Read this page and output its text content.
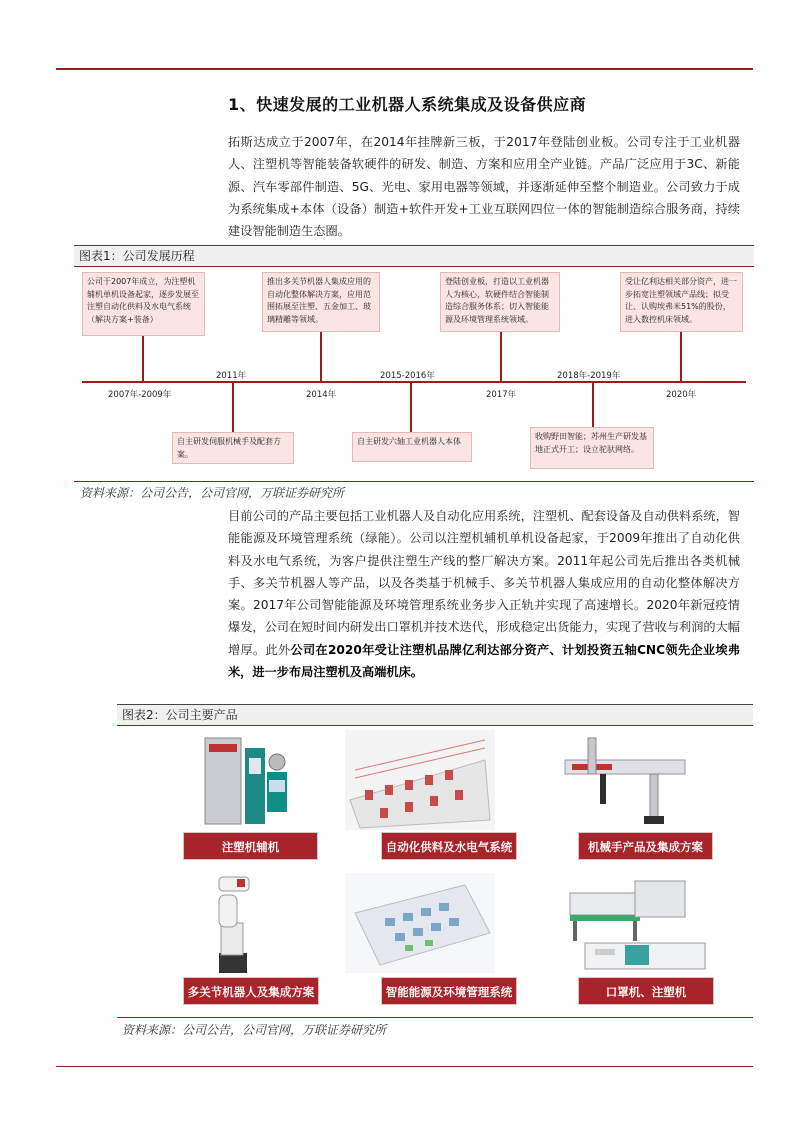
1、快速发展的工业机器人系统集成及设备供应商
拓斯达成立于2007年，在2014年挂牌新三板，于2017年登陆创业板。公司专注于工业机器人、注塑机等智能装备软硬件的研发、制造、方案和应用全产业链。产品广泛应用于3C、新能源、汽车零部件制造、5G、光电、家用电器等领域，并逐渐延伸至整个制造业。公司致力于成为系统集成+本体（设备）制造+软件开发+工业互联网四位一体的智能制造综合服务商，持续建设智能制造生态圈。
图表1：公司发展历程
公司于2007年成立，为注塑机辅机单机设备起家，逐步发展至注塑自动化供料及水电气系统（解决方案+装备）
2007年-2009年
推出多关节机器人集成应用的自动化整体解决方案，应用范围拓展至注塑、五金加工、玻璃精雕等领域。
2014年
登陆创业板，打造以工业机器人为核心，软硬件结合智能制造综合服务体系；切入智能能源及环境管理系统领域。
2017年
受让亿利达相关部分资产，进一步拓宽注塑领域产品线；拟受让、认购埃弗米51%的股份，进入数控机床领域。
2020年
2011年
自主研发伺服机械手及配套方案。
2015-2016年
自主研发六轴工业机器人本体
2018年-2019年
收购野田智能；苏州生产研发基地正式开工；设立驼驮网络。
资料来源：公司公告，公司官网，万联证券研究所
目前公司的产品主要包括工业机器人及自动化应用系统，注塑机、配套设备及自动供料系统，智能能源及环境管理系统（绿能）。公司以注塑机辅机单机设备起家，于2009年推出了自动化供料及水电气系统，为客户提供注塑生产线的整厂解决方案。2011年起公司先后推出各类机械手、多关节机器人等产品，以及各类基于机械手、多关节机器人集成应用的自动化整体解决方案。2017年公司智能能源及环境管理系统业务步入正轨并实现了高速增长。2020年新冠疫情爆发，公司在短时间内研发出口罩机并技术迭代，形成稳定出货能力，实现了营收与利润的大幅增厚。此外公司在2020年受让注塑机品牌亿利达部分资产、计划投资五轴CNC领先企业埃弗米，进一步布局注塑机及高端机床。
图表2：公司主要产品
注塑机辅机	自动化供料及水电气系统	机械手产品及集成方案
多关节机器人及集成方案	智能能源及环境管理系统	口罩机、注塑机
资料来源：公司公告，公司官网，万联证券研究所
